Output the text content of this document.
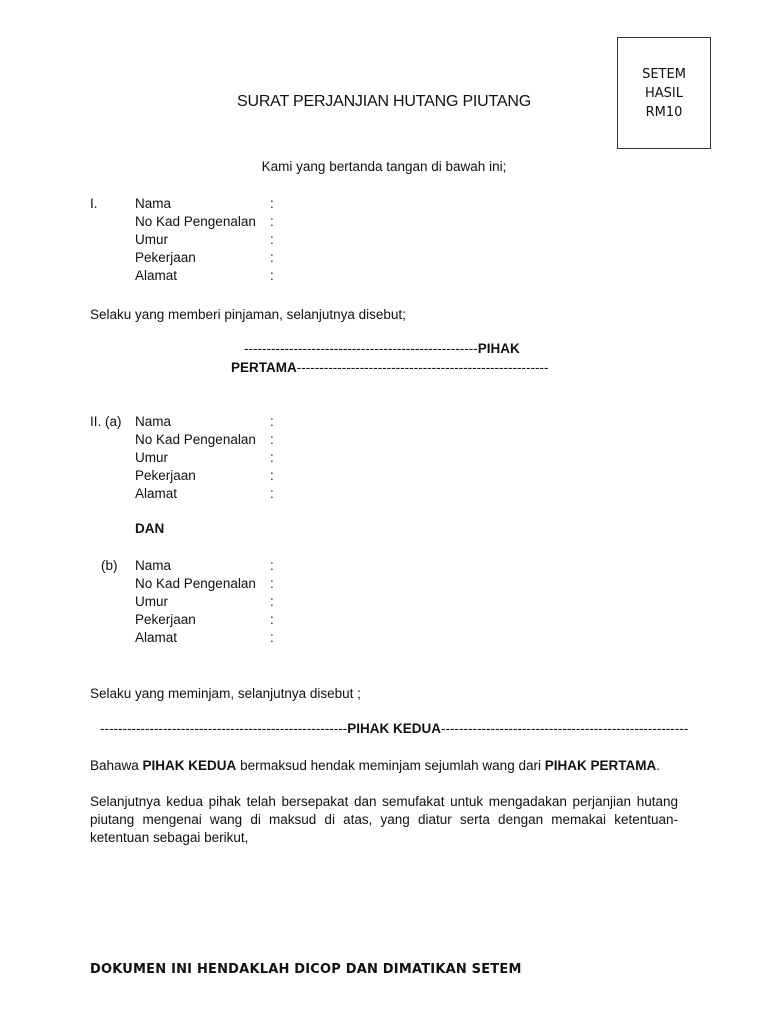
SETEM
HASIL
RM10
SURAT PERJANJIAN HUTANG PIUTANG
Kami yang bertanda tangan di bawah ini;
I.	Nama	:
No Kad Pengenalan :
Umur	:
Pekerjaan	:
Alamat	:
Selaku yang memberi pinjaman, selanjutnya disebut;
----------------------------------------------------PIHAK
PERTAMA--------------------------------------------------------
II. (a) Nama	:
No Kad Pengenalan :
Umur	:
Pekerjaan	:
Alamat	:
DAN
(b) Nama	:
No Kad Pengenalan :
Umur	:
Pekerjaan	:
Alamat	:
Selaku yang meminjam, selanjutnya disebut ;
-------------------------------------------------------PIHAK KEDUA-------------------------------------------------------
Bahawa PIHAK KEDUA bermaksud hendak meminjam sejumlah wang dari PIHAK PERTAMA.
Selanjutnya kedua pihak telah bersepakat dan semufakat untuk mengadakan perjanjian hutang piutang mengenai wang di maksud di atas, yang diatur serta dengan memakai ketentuan-ketentuan sebagai berikut,
DOKUMEN INI HENDAKLAH DICOP DAN DIMATIKAN SETEM
